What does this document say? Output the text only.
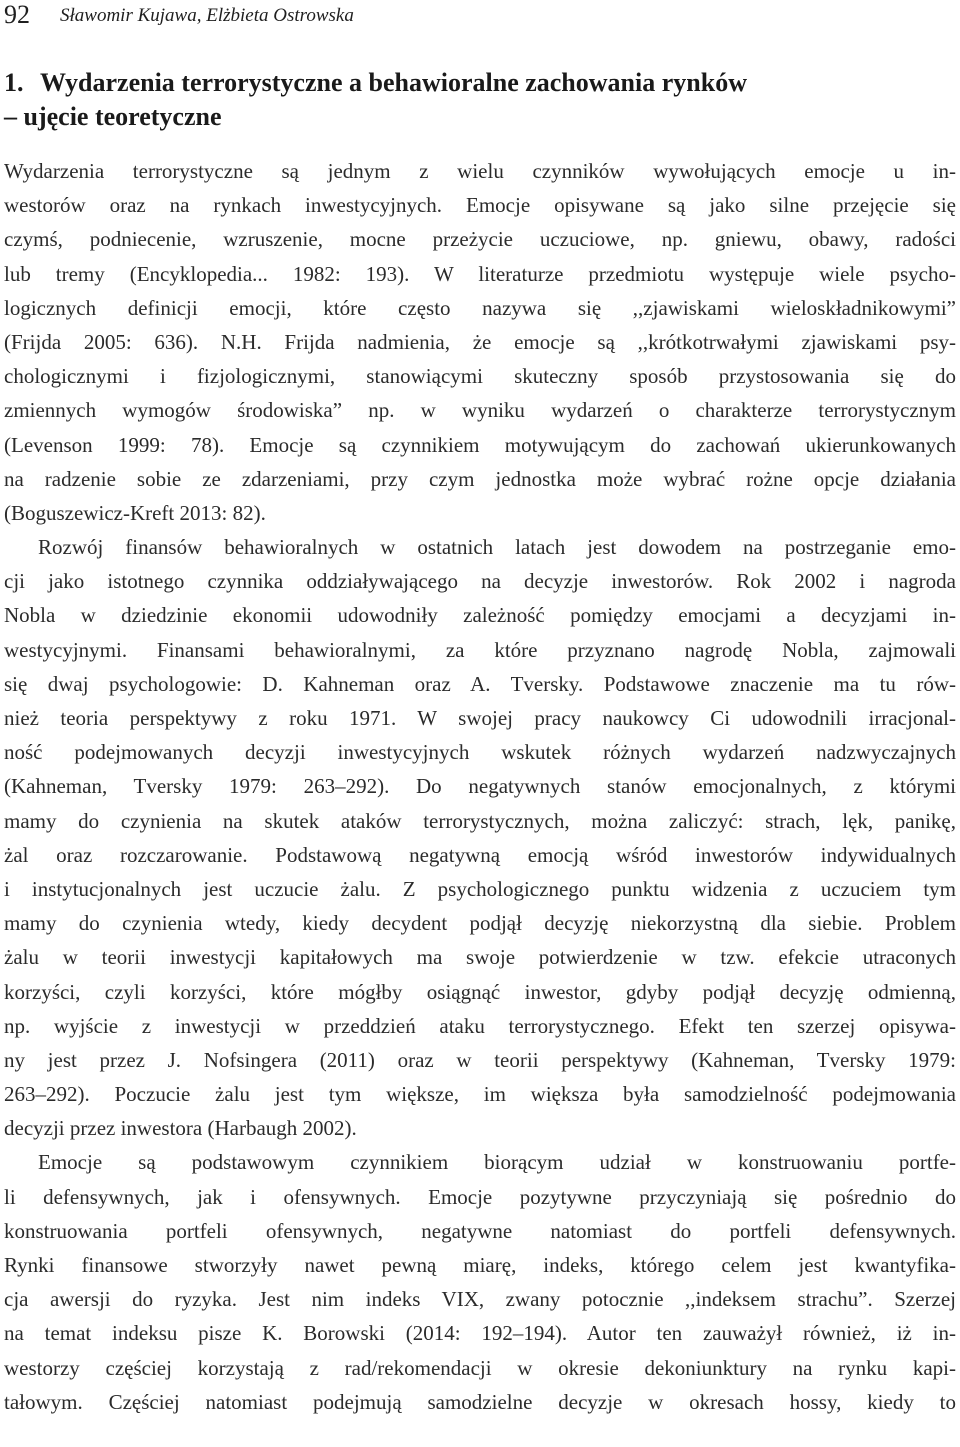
92 Sławomir Kujawa, Elżbieta Ostrowska
1. Wydarzenia terrorystyczne a behawioralne zachowania rynków
– ujęcie teoretyczne
Wydarzenia terrorystyczne są jednym z wielu czynników wywołujących emocje u in-
westorów oraz na rynkach inwestycyjnych. Emocje opisywane są jako silne przejęcie się
czymś, podniecenie, wzruszenie, mocne przeżycie uczuciowe, np. gniewu, obawy, radości
lub tremy (Encyklopedia... 1982: 193). W literaturze przedmiotu występuje wiele psycho-
logicznych definicji emocji, które często nazywa się ,,zjawiskami wieloskładnikowymi”
(Frijda 2005: 636). N.H. Frijda nadmienia, że emocje są ,,krótkotrwałymi zjawiskami psy-
chologicznymi i fizjologicznymi, stanowiącymi skuteczny sposób przystosowania się do
zmiennych wymogów środowiska” np. w wyniku wydarzeń o charakterze terrorystycznym
(Levenson 1999: 78). Emocje są czynnikiem motywującym do zachowań ukierunkowanych
na radzenie sobie ze zdarzeniami, przy czym jednostka może wybrać rożne opcje działania
(Boguszewicz-Kreft 2013: 82).
Rozwój finansów behawioralnych w ostatnich latach jest dowodem na postrzeganie emo-
cji jako istotnego czynnika oddziaływającego na decyzje inwestorów. Rok 2002 i nagroda
Nobla w dziedzinie ekonomii udowodniły zależność pomiędzy emocjami a decyzjami in-
westycyjnymi. Finansami behawioralnymi, za które przyznano nagrodę Nobla, zajmowali
się dwaj psychologowie: D. Kahneman oraz A. Tversky. Podstawowe znaczenie ma tu rów-
nież teoria perspektywy z roku 1971. W swojej pracy naukowcy Ci udowodnili irracjonal-
ność podejmowanych decyzji inwestycyjnych wskutek różnych wydarzeń nadzwyczajnych
(Kahneman, Tversky 1979: 263–292). Do negatywnych stanów emocjonalnych, z którymi
mamy do czynienia na skutek ataków terrorystycznych, można zaliczyć: strach, lęk, panikę,
żal oraz rozczarowanie. Podstawową negatywną emocją wśród inwestorów indywidualnych
i instytucjonalnych jest uczucie żalu. Z psychologicznego punktu widzenia z uczuciem tym
mamy do czynienia wtedy, kiedy decydent podjął decyzję niekorzystną dla siebie. Problem
żalu w teorii inwestycji kapitałowych ma swoje potwierdzenie w tzw. efekcie utraconych
korzyści, czyli korzyści, które mógłby osiągnąć inwestor, gdyby podjął decyzję odmienną,
np. wyjście z inwestycji w przeddzień ataku terrorystycznego. Efekt ten szerzej opisywa-
ny jest przez J. Nofsingera (2011) oraz w teorii perspektywy (Kahneman, Tversky 1979:
263–292). Poczucie żalu jest tym większe, im większa była samodzielność podejmowania
decyzji przez inwestora (Harbaugh 2002).
Emocje są podstawowym czynnikiem biorącym udział w konstruowaniu portfe-
li defensywnych, jak i ofensywnych. Emocje pozytywne przyczyniają się pośrednio do
konstruowania portfeli ofensywnych, negatywne natomiast do portfeli defensywnych.
Rynki finansowe stworzyły nawet pewną miarę, indeks, którego celem jest kwantyfika-
cja awersji do ryzyka. Jest nim indeks VIX, zwany potocznie ,,indeksem strachu”. Szerzej
na temat indeksu pisze K. Borowski (2014: 192–194). Autor ten zauważył również, iż in-
westorzy częściej korzystają z rad/rekomendacji w okresie dekoniunktury na rynku kapi-
tałowym. Częściej natomiast podejmują samodzielne decyzje w okresach hossy, kiedy to
